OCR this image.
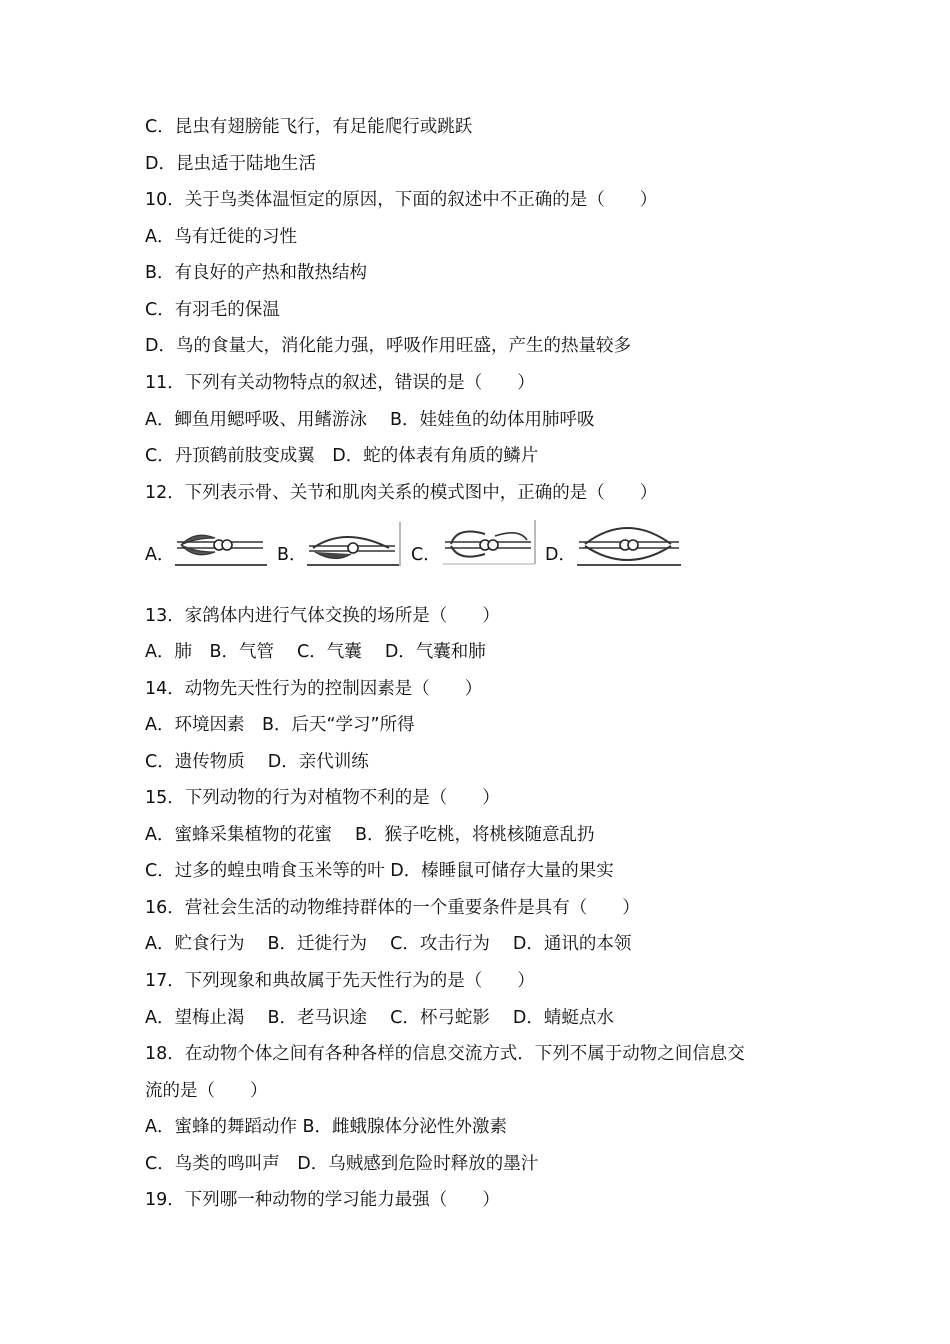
C．昆虫有翅膀能飞行，有足能爬行或跳跃
D．昆虫适于陆地生活
10．关于鸟类体温恒定的原因，下面的叙述中不正确的是（　　）
A．鸟有迁徙的习性
B．有良好的产热和散热结构
C．有羽毛的保温
D．鸟的食量大，消化能力强，呼吸作用旺盛，产生的热量较多
11．下列有关动物特点的叙述，错误的是（　　）
A．鲫鱼用鳃呼吸、用鳍游泳　 B．娃娃鱼的幼体用肺呼吸
C．丹顶鹤前肢变成翼　D．蛇的体表有角质的鳞片
12．下列表示骨、关节和肌肉关系的模式图中，正确的是（　　）
A．	B．	C．	D．
13．家鸽体内进行气体交换的场所是（　　）
A．肺　B．气管　 C．气囊　 D．气囊和肺
14．动物先天性行为的控制因素是（　　）
A．环境因素　B．后天“学习”所得
C．遗传物质　 D．亲代训练
15．下列动物的行为对植物不利的是（　　）
A．蜜蜂采集植物的花蜜　 B．猴子吃桃，将桃核随意乱扔
C．过多的蝗虫啃食玉米等的叶 D．榛睡鼠可储存大量的果实
16．营社会生活的动物维持群体的一个重要条件是具有（　　）
A．贮食行为　 B．迁徙行为　 C．攻击行为　 D．通讯的本领
17．下列现象和典故属于先天性行为的是（　　）
A．望梅止渴　 B．老马识途　 C．杯弓蛇影　 D．蜻蜓点水
18．在动物个体之间有各种各样的信息交流方式．下列不属于动物之间信息交
流的是（　　）
A．蜜蜂的舞蹈动作 B．雌蛾腺体分泌性外激素
C．鸟类的鸣叫声　D．乌贼感到危险时释放的墨汁
19．下列哪一种动物的学习能力最强（　　）
